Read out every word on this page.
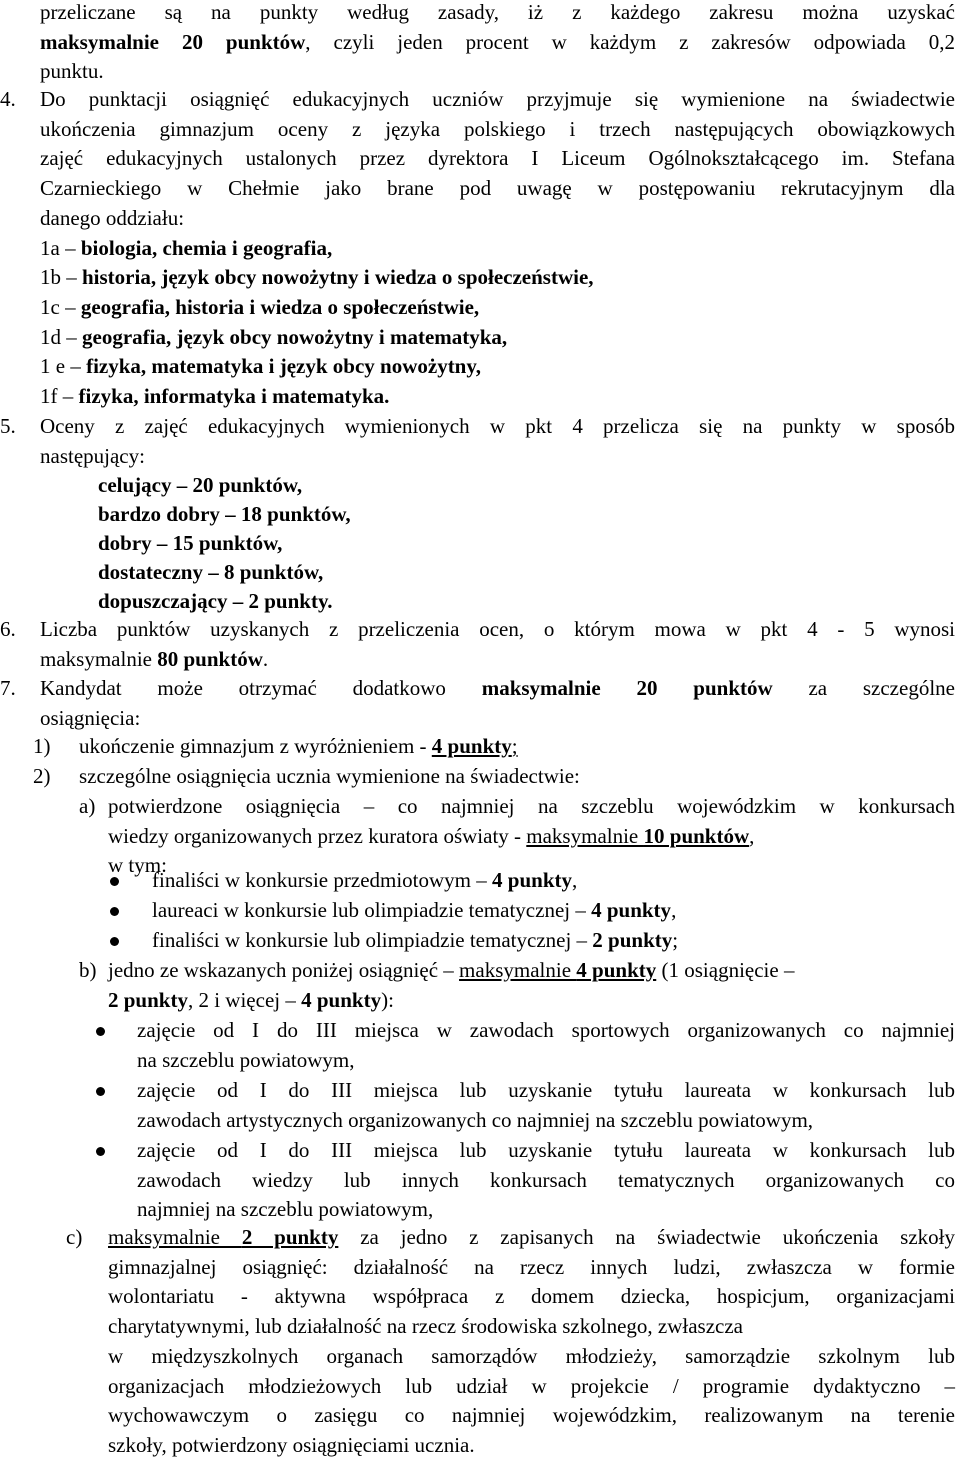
przeliczane są na punkty według zasady, iż z każdego zakresu można uzyskać
maksymalnie 20 punktów, czyli jeden procent w każdym z zakresów odpowiada 0,2
punktu.
4. Do punktacji osiągnięć edukacyjnych uczniów przyjmuje się wymienione na świadectwie
ukończenia gimnazjum oceny z języka polskiego i trzech następujących obowiązkowych
zajęć edukacyjnych ustalonych przez dyrektora I Liceum Ogólnokształcącego im. Stefana
Czarnieckiego w Chełmie jako brane pod uwagę w postępowaniu rekrutacyjnym dla
danego oddziału:
1a – biologia, chemia i geografia,
1b – historia, język obcy nowożytny i wiedza o społeczeństwie,
1c – geografia, historia i wiedza o społeczeństwie,
1d – geografia, język obcy nowożytny i matematyka,
1 e – fizyka, matematyka i język obcy nowożytny,
1f – fizyka, informatyka i matematyka.
5. Oceny z zajęć edukacyjnych wymienionych w pkt 4 przelicza się na punkty w sposób
następujący:
celujący – 20 punktów,
bardzo dobry – 18 punktów,
dobry – 15 punktów,
dostateczny – 8 punktów,
dopuszczający – 2 punkty.
6. Liczba punktów uzyskanych z przeliczenia ocen, o którym mowa w pkt 4 - 5 wynosi
maksymalnie 80 punktów.
7. Kandydat może otrzymać dodatkowo maksymalnie 20 punktów za szczególne
osiągnięcia:
1) ukończenie gimnazjum z wyróżnieniem - 4 punkty;
2) szczególne osiągnięcia ucznia wymienione na świadectwie:
a) potwierdzone osiągnięcia – co najmniej na szczeblu wojewódzkim w konkursach
wiedzy organizowanych przez kuratora oświaty - maksymalnie 10 punktów,
w tym:
finaliści w konkursie przedmiotowym – 4 punkty,
laureaci w konkursie lub olimpiadzie tematycznej – 4 punkty,
finaliści w konkursie lub olimpiadzie tematycznej – 2 punkty;
b) jedno ze wskazanych poniżej osiągnięć – maksymalnie 4 punkty (1 osiągnięcie –
2 punkty, 2 i więcej – 4 punkty):
zajęcie od I do III miejsca w zawodach sportowych organizowanych co najmniej
na szczeblu powiatowym,
zajęcie od I do III miejsca lub uzyskanie tytułu laureata w konkursach lub
zawodach artystycznych organizowanych co najmniej na szczeblu powiatowym,
zajęcie od I do III miejsca lub uzyskanie tytułu laureata w konkursach lub
zawodach wiedzy lub innych konkursach tematycznych organizowanych co
najmniej na szczeblu powiatowym,
c) maksymalnie 2 punkty za jedno z zapisanych na świadectwie ukończenia szkoły
gimnazjalnej osiągnięć: działalność na rzecz innych ludzi, zwłaszcza w formie
wolontariatu - aktywna współpraca z domem dziecka, hospicjum, organizacjami
charytatywnymi, lub działalność na rzecz środowiska szkolnego, zwłaszcza
w międzyszkolnych organach samorządów młodzieży, samorządzie szkolnym lub
organizacjach młodzieżowych lub udział w projekcie / programie dydaktyczno –
wychowawczym o zasięgu co najmniej wojewódzkim, realizowanym na terenie
szkoły, potwierdzony osiągnięciami ucznia.
